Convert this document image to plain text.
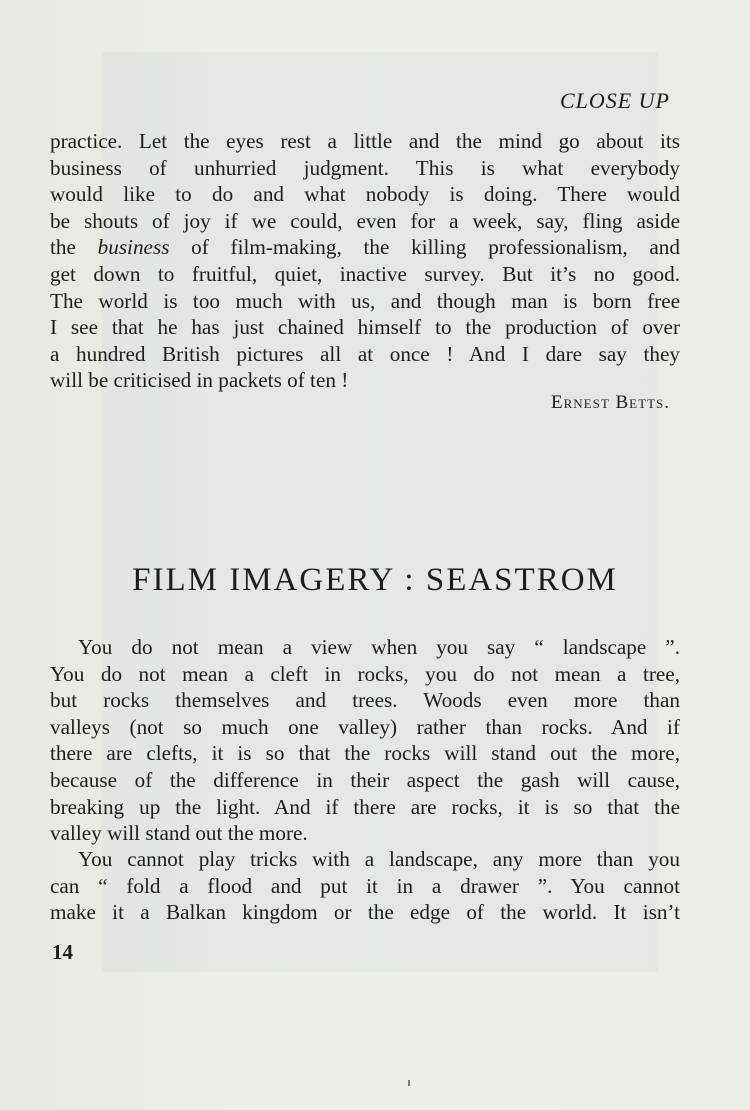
CLOSE UP
practice. Let the eyes rest a little and the mind go about its
business of unhurried judgment. This is what everybody
would like to do and what nobody is doing. There would
be shouts of joy if we could, even for a week, say, fling aside
the business of film-making, the killing professionalism, and
get down to fruitful, quiet, inactive survey. But it’s no good.
The world is too much with us, and though man is born free
I see that he has just chained himself to the production of over
a hundred British pictures all at once ! And I dare say they
will be criticised in packets of ten !
Ernest Betts.
FILM IMAGERY : SEASTROM
You do not mean a view when you say “ landscape ”.
You do not mean a cleft in rocks, you do not mean a tree,
but rocks themselves and trees. Woods even more than
valleys (not so much one valley) rather than rocks. And if
there are clefts, it is so that the rocks will stand out the more,
because of the difference in their aspect the gash will cause,
breaking up the light. And if there are rocks, it is so that the
valley will stand out the more.
You cannot play tricks with a landscape, any more than you
can “ fold a flood and put it in a drawer ”. You cannot
make it a Balkan kingdom or the edge of the world. It isn’t
14
